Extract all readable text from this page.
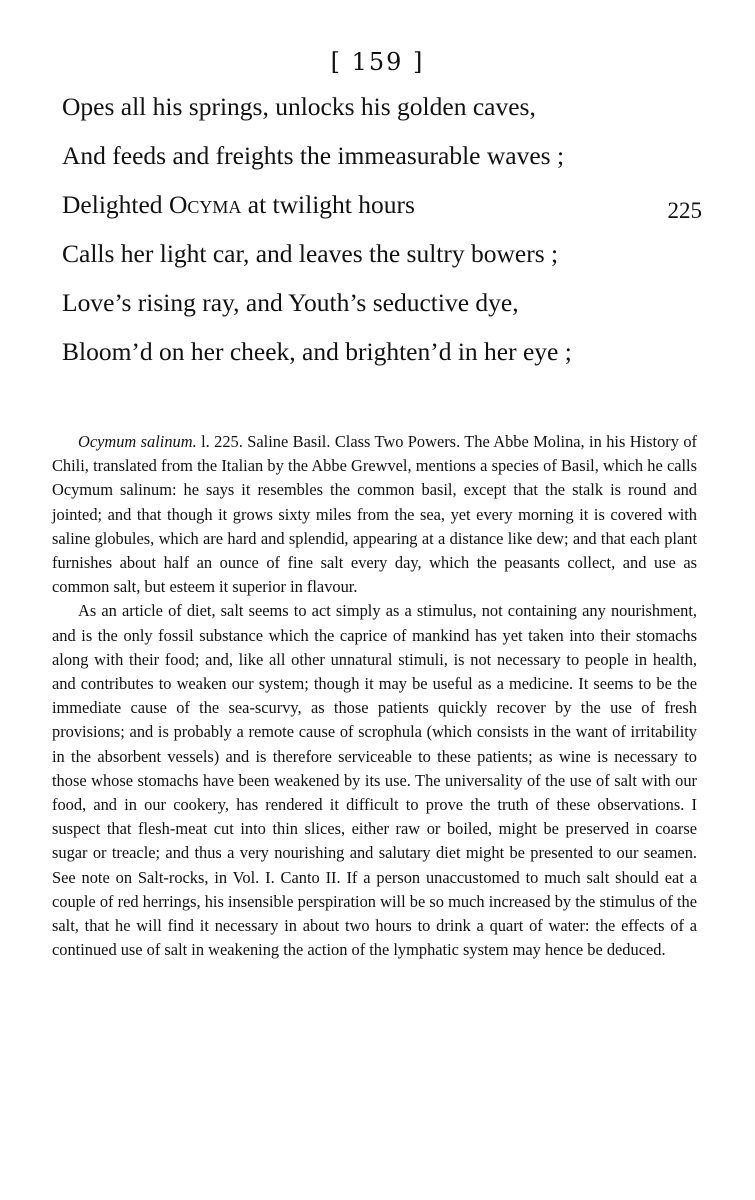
[ 159 ]
Opes all his springs, unlocks his golden caves,
And feeds and freights the immeasurable waves ;
Delighted Ocyma at twilight hours	225
Calls her light car, and leaves the sultry bowers ;
Love’s rising ray, and Youth’s seductive dye,
Bloom’d on her cheek, and brighten’d in her eye ;

Ocymum salinum. l. 225. Saline Basil. Class Two Powers. The Abbe Molina, in his History of Chili, translated from the Italian by the Abbe Grewvel, mentions a species of Basil, which he calls Ocymum salinum: he says it resembles the common basil, except that the stalk is round and jointed; and that though it grows sixty miles from the sea, yet every morning it is covered with saline globules, which are hard and splendid, appearing at a distance like dew; and that each plant furnishes about half an ounce of fine salt every day, which the peasants collect, and use as common salt, but esteem it superior in flavour.

As an article of diet, salt seems to act simply as a stimulus, not containing any nourishment, and is the only fossil substance which the caprice of mankind has yet taken into their stomachs along with their food; and, like all other unnatural stimuli, is not necessary to people in health, and contributes to weaken our system; though it may be useful as a medicine. It seems to be the immediate cause of the sea-scurvy, as those patients quickly recover by the use of fresh provisions; and is probably a remote cause of scrophula (which consists in the want of irritability in the absorbent vessels) and is therefore serviceable to these patients; as wine is necessary to those whose stomachs have been weakened by its use. The universality of the use of salt with our food, and in our cookery, has rendered it difficult to prove the truth of these observations. I suspect that flesh-meat cut into thin slices, either raw or boiled, might be preserved in coarse sugar or treacle; and thus a very nourishing and salutary diet might be presented to our seamen. See note on Salt-rocks, in Vol. I. Canto II. If a person unaccustomed to much salt should eat a couple of red herrings, his insensible perspiration will be so much increased by the stimulus of the salt, that he will find it necessary in about two hours to drink a quart of water: the effects of a continued use of salt in weakening the action of the lymphatic system may hence be deduced.
